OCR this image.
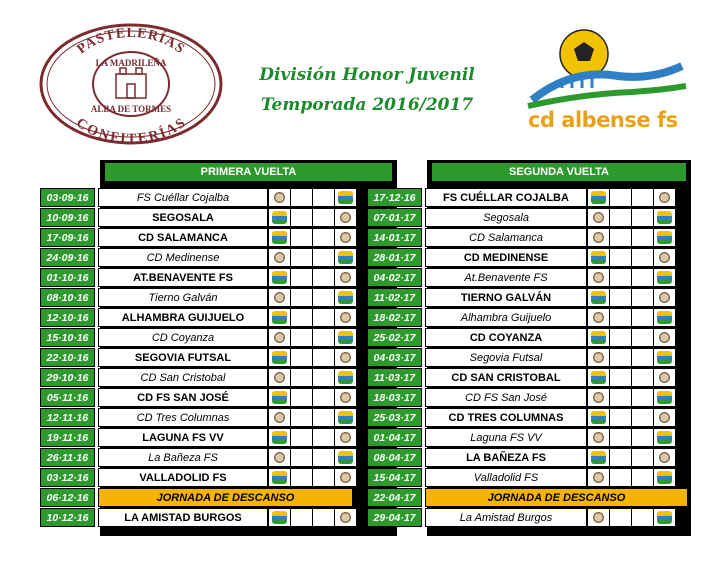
PASTELERÍAS
CONFITERÍAS
LA MADRILEÑA
ALBA DE TORMES
División Honor Juvenil
Temporada 2016/2017
cd albense fs
PRIMERA VUELTA
03·09·16	FS Cuéllar Cojalba
10·09·16	SEGOSALA
17·09·16	CD SALAMANCA
24·09·16	CD Medinense
01·10·16	AT.BENAVENTE FS
08·10·16	Tierno Galván
12·10·16	ALHAMBRA GUIJUELO
15·10·16	CD Coyanza
22·10·16	SEGOVIA FUTSAL
29·10·16	CD San Cristobal
05·11·16	CD FS SAN JOSÉ
12·11·16	CD Tres Columnas
19·11·16	LAGUNA FS VV
26·11·16	La Bañeza FS
03·12·16	VALLADOLID FS
06·12·16	JORNADA DE DESCANSO
10·12·16	LA AMISTAD BURGOS
SEGUNDA VUELTA
17·12·16	FS CUÉLLAR COJALBA
07·01·17	Segosala
14·01·17	CD Salamanca
28·01·17	CD MEDINENSE
04·02·17	At.Benavente FS
11·02·17	TIERNO GALVÁN
18·02·17	Alhambra Guijuelo
25·02·17	CD COYANZA
04·03·17	Segovia Futsal
11·03·17	CD SAN CRISTOBAL
18·03·17	CD FS San José
25·03·17	CD TRES COLUMNAS
01·04·17	Laguna FS VV
08·04·17	LA BAÑEZA FS
15·04·17	Valladolid FS
22·04·17	JORNADA DE DESCANSO
29·04·17	La Amistad Burgos
